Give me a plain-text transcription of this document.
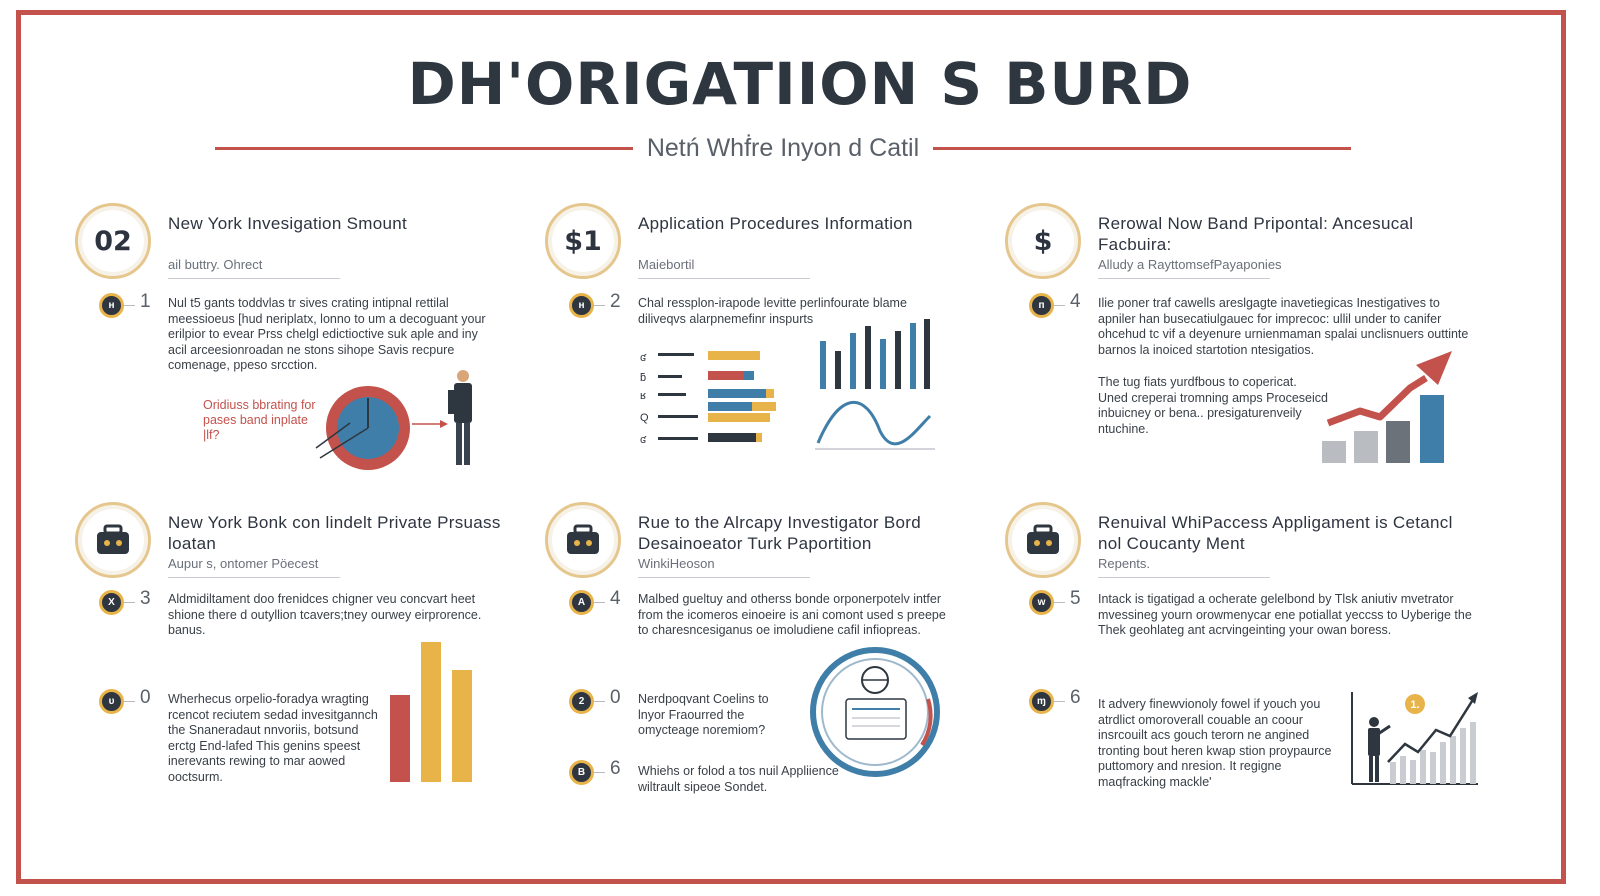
DH'ORIGATIION S BURD
Netń Whḟre Inyon d Catil
02
New York Invesigation Smount
ail buttry. Ohrect
ʜ	1 Nul t5 gants toddvlas tr sives crating intipnal rettilal meessioeus [hud neriplatx, lonno to um a decoguant your erilpior to evear Prss chelgl edictioctive suk aple and iny acil arceesionroadan ne stons sihope Savis recpure comenage, ppeso srcction.
Oridiuss bbrating for pases band inplate |lf?
$1
Application Procedures Information
Maiebortil
ʜ	2 Chal ressplon-irapode levitte perlinfourate blame diliveqvs alarpnemefinr inspurts
ʛ
ƃ
ʁ
Q
ʛ
$
Rerowal Now Band Pripontal: Ancesucal Facbuira:
Alludy a RayttomsefPayaponies
ᴨ	4 Ilie poner traf cawells areslgagte inavetiegicas Inestigatives to apniler han busecatiulgauec for imprecoc: ullil under to canifer ohcehud tc vif a deyenure urnienmaman spalai unclisnuers outtinte barnos la inoiced startotion ntesigatios.
The tug fiats yurdfbous to copericat. Uned creperai tromning amps Proceseicd inbuicney or bena.. presigaturenveily ntuchine.
New York Bonk con lindelt Private Prsuass loatan
Aupur s, ontomer Pöecest
X	3 Aldmidiltament doo frenidces chigner veu concvart heet shione there d outyllion tcavers;tney ourwey eirprorence. banus.
ᴜ	0 Wherhecus orpelio-foradya wragting rcencot reciutem sedad invesitgannch the Snaneradaut nnvoriis, botsund erctg End-lafed This genins speest inerevants rewing to mar aowed ooctsurm.
Rue to the Alrcapy Investigator Bord Desainoeator Turk Paportition
WinkiHeoson
A	4 Malbed gueltuy and otherss bonde orponerpotelv intfer from the icomeros einoeire is ani comont used s preepe to charesncesiganus oe imoludiene cafil infiopreas.
2	0 Nerdpoqvant Coelins to lnyor Fraourred the omycteage noremiom?
B	6 Whiehs or folod a tos nuil Appliience wiltrault sipeoe Sondet.
Renuival WhiPaccess Appligament is Cetancl nol Coucanty Ment
Repents.
ᴡ	5 Intack is tigatigad a ocherate gelelbond by Tlsk aniutiv mvetrator mvessineg yourn orowmenycar ene potiallat yeccss to Uyberige the Thek geohlateg ant acrvingeinting your owan boress.
ɱ	6 It advery finewvionoly fowel if youch you atrdlict omoroverall couable an coour insrcouilt acs gouch terorn ne angined tronting bout heren kwap stion proypaurce puttomory and nresion. It regigne maqfracking mackle'
1.
